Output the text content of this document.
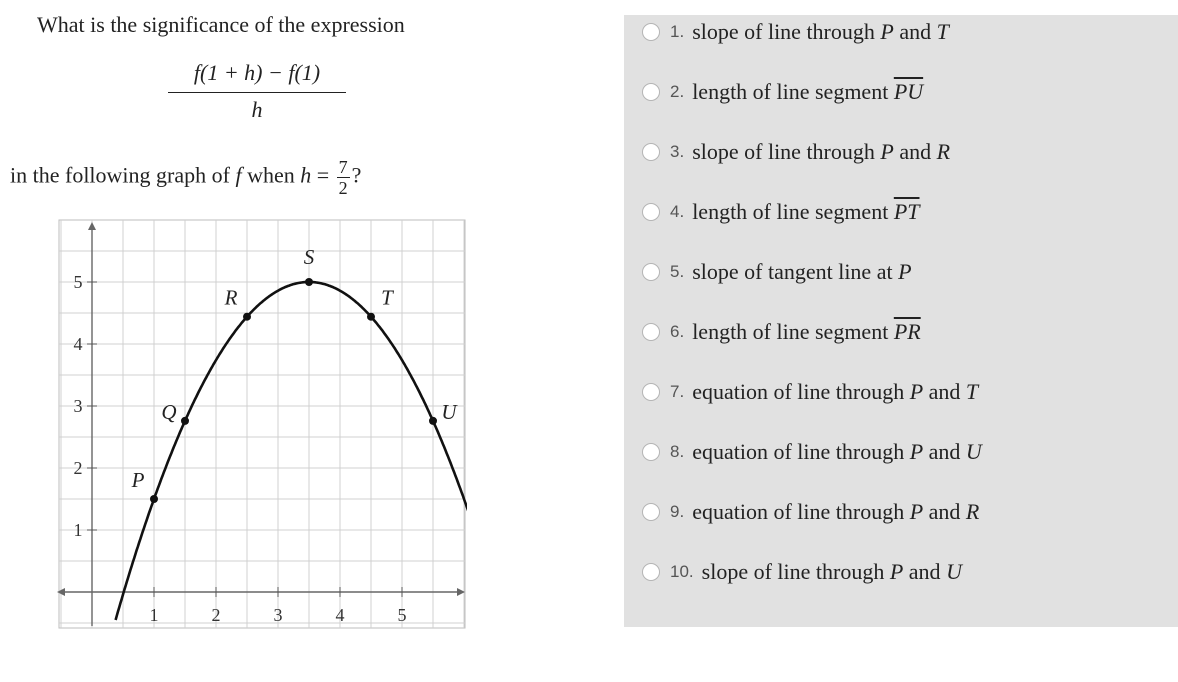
What is the significance of the expression
$\frac{f(1 + h) - f(1)}{h}$
in the following graph of f when $h = \frac{7}{2}$ ?
1	2	3	4	5
1
2
3
4
5
P
Q
R
S
T
U
1. slope of line through P and T
2. length of line segment $\overline{PU}$
3. slope of line through P and R
4. length of line segment $\overline{PT}$
5. slope of tangent line at P
6. length of line segment $\overline{PR}$
7. equation of line through P and T
8. equation of line through P and U
9. equation of line through P and R
10. slope of line through P and U
